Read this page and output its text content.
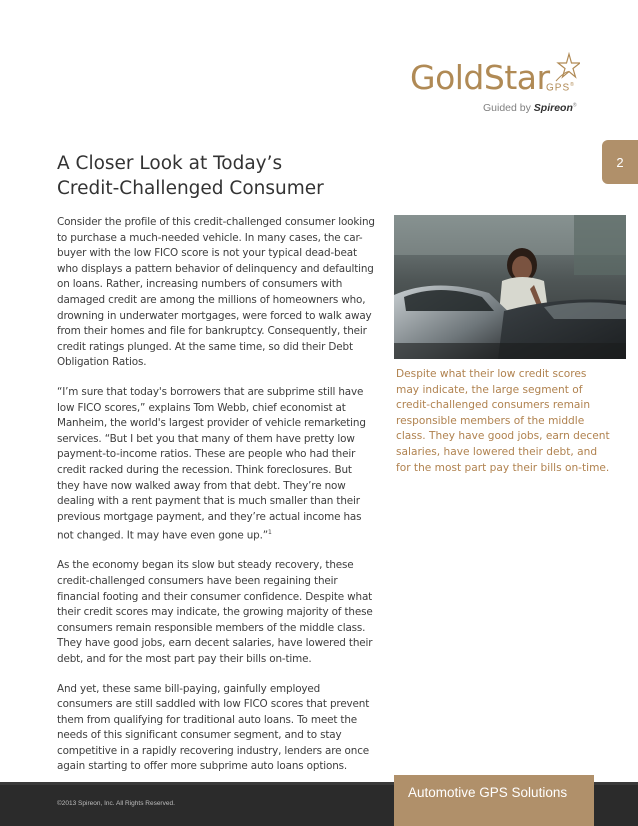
GoldStar
GPS®
Guided by Spireon®
2
A Closer Look at Today’s
Credit-Challenged Consumer

Consider the profile of this credit-challenged consumer looking to purchase a much-needed vehicle. In many cases, the car-buyer with the low FICO score is not your typical dead-beat who displays a pattern behavior of delinquency and defaulting on loans. Rather, increasing numbers of consumers with damaged credit are among the millions of homeowners who, drowning in underwater mortgages, were forced to walk away from their homes and file for bankruptcy. Consequently, their credit ratings plunged. At the same time, so did their Debt Obligation Ratios.

“I’m sure that today's borrowers that are subprime still have low FICO scores,” explains Tom Webb, chief economist at Manheim, the world's largest provider of vehicle remarketing services. “But I bet you that many of them have pretty low payment-to-income ratios. These are people who had their credit racked during the recession. Think foreclosures. But they have now walked away from that debt. They’re now dealing with a rent payment that is much smaller than their previous mortgage payment, and they’re actual income has not changed. It may have even gone up.”$^1$

As the economy began its slow but steady recovery, these credit-challenged consumers have been regaining their financial footing and their consumer confidence. Despite what their credit scores may indicate, the growing majority of these consumers remain responsible members of the middle class. They have good jobs, earn decent salaries, have lowered their debt, and for the most part pay their bills on-time.

And yet, these same bill-paying, gainfully employed consumers are still saddled with low FICO scores that prevent them from qualifying for traditional auto loans. To meet the needs of this significant consumer segment, and to stay competitive in a rapidly recovering industry, lenders are once again starting to offer more subprime auto loans options.

Despite what their low credit scores may indicate, the large segment of credit-challenged consumers remain responsible members of the middle class. They have good jobs, earn decent salaries, have lowered their debt, and for the most part pay their bills on-time.

Automotive GPS Solutions
©2013 Spireon, Inc. All Rights Reserved.
